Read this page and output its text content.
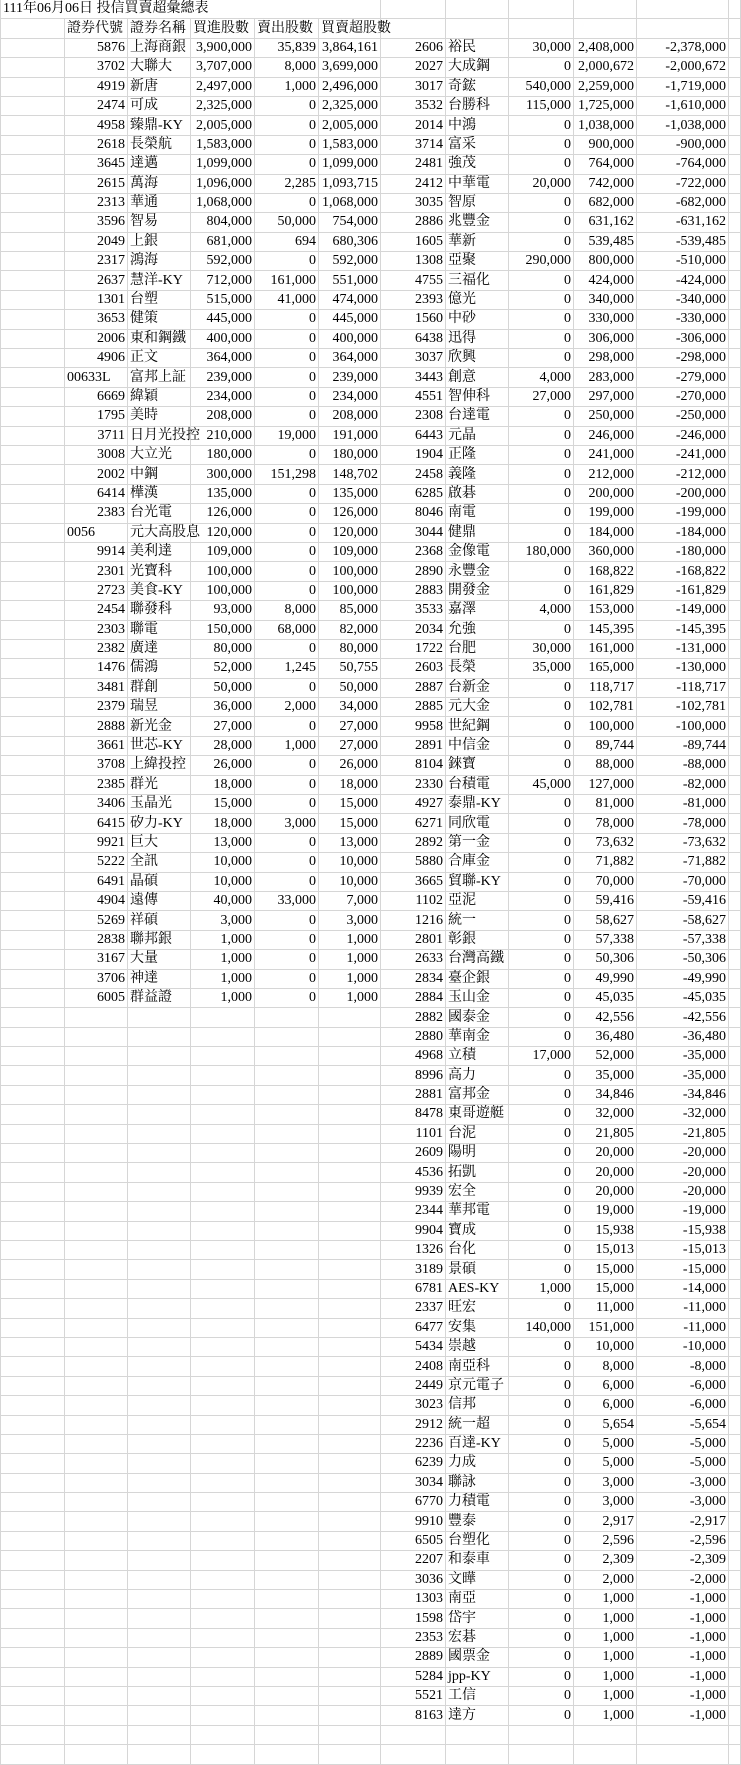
111年06月06日 投信買賣超彙總表											
	證券代號	證券名稱	買進股數	賣出股數	買賣超股數						
	5876	上海商銀	3,900,000	35,839	3,864,161	2606	裕民	30,000	2,408,000	-2,378,000	
	3702	大聯大	3,707,000	8,000	3,699,000	2027	大成鋼	0	2,000,672	-2,000,672	
	4919	新唐	2,497,000	1,000	2,496,000	3017	奇鋐	540,000	2,259,000	-1,719,000	
	2474	可成	2,325,000	0	2,325,000	3532	台勝科	115,000	1,725,000	-1,610,000	
	4958	臻鼎-KY	2,005,000	0	2,005,000	2014	中鴻	0	1,038,000	-1,038,000	
	2618	長榮航	1,583,000	0	1,583,000	3714	富采	0	900,000	-900,000	
	3645	達邁	1,099,000	0	1,099,000	2481	強茂	0	764,000	-764,000	
	2615	萬海	1,096,000	2,285	1,093,715	2412	中華電	20,000	742,000	-722,000	
	2313	華通	1,068,000	0	1,068,000	3035	智原	0	682,000	-682,000	
	3596	智易	804,000	50,000	754,000	2886	兆豐金	0	631,162	-631,162	
	2049	上銀	681,000	694	680,306	1605	華新	0	539,485	-539,485	
	2317	鴻海	592,000	0	592,000	1308	亞聚	290,000	800,000	-510,000	
	2637	慧洋-KY	712,000	161,000	551,000	4755	三福化	0	424,000	-424,000	
	1301	台塑	515,000	41,000	474,000	2393	億光	0	340,000	-340,000	
	3653	健策	445,000	0	445,000	1560	中砂	0	330,000	-330,000	
	2006	東和鋼鐵	400,000	0	400,000	6438	迅得	0	306,000	-306,000	
	4906	正文	364,000	0	364,000	3037	欣興	0	298,000	-298,000	
	00633L	富邦上証	239,000	0	239,000	3443	創意	4,000	283,000	-279,000	
	6669	緯穎	234,000	0	234,000	4551	智伸科	27,000	297,000	-270,000	
	1795	美時	208,000	0	208,000	2308	台達電	0	250,000	-250,000	
	3711	日月光投控	210,000	19,000	191,000	6443	元晶	0	246,000	-246,000	
	3008	大立光	180,000	0	180,000	1904	正隆	0	241,000	-241,000	
	2002	中鋼	300,000	151,298	148,702	2458	義隆	0	212,000	-212,000	
	6414	樺漢	135,000	0	135,000	6285	啟碁	0	200,000	-200,000	
	2383	台光電	126,000	0	126,000	8046	南電	0	199,000	-199,000	
	0056	元大高股息	120,000	0	120,000	3044	健鼎	0	184,000	-184,000	
	9914	美利達	109,000	0	109,000	2368	金像電	180,000	360,000	-180,000	
	2301	光寶科	100,000	0	100,000	2890	永豐金	0	168,822	-168,822	
	2723	美食-KY	100,000	0	100,000	2883	開發金	0	161,829	-161,829	
	2454	聯發科	93,000	8,000	85,000	3533	嘉澤	4,000	153,000	-149,000	
	2303	聯電	150,000	68,000	82,000	2034	允強	0	145,395	-145,395	
	2382	廣達	80,000	0	80,000	1722	台肥	30,000	161,000	-131,000	
	1476	儒鴻	52,000	1,245	50,755	2603	長榮	35,000	165,000	-130,000	
	3481	群創	50,000	0	50,000	2887	台新金	0	118,717	-118,717	
	2379	瑞昱	36,000	2,000	34,000	2885	元大金	0	102,781	-102,781	
	2888	新光金	27,000	0	27,000	9958	世紀鋼	0	100,000	-100,000	
	3661	世芯-KY	28,000	1,000	27,000	2891	中信金	0	89,744	-89,744	
	3708	上緯投控	26,000	0	26,000	8104	錸寶	0	88,000	-88,000	
	2385	群光	18,000	0	18,000	2330	台積電	45,000	127,000	-82,000	
	3406	玉晶光	15,000	0	15,000	4927	泰鼎-KY	0	81,000	-81,000	
	6415	矽力-KY	18,000	3,000	15,000	6271	同欣電	0	78,000	-78,000	
	9921	巨大	13,000	0	13,000	2892	第一金	0	73,632	-73,632	
	5222	全訊	10,000	0	10,000	5880	合庫金	0	71,882	-71,882	
	6491	晶碩	10,000	0	10,000	3665	貿聯-KY	0	70,000	-70,000	
	4904	遠傳	40,000	33,000	7,000	1102	亞泥	0	59,416	-59,416	
	5269	祥碩	3,000	0	3,000	1216	統一	0	58,627	-58,627	
	2838	聯邦銀	1,000	0	1,000	2801	彰銀	0	57,338	-57,338	
	3167	大量	1,000	0	1,000	2633	台灣高鐵	0	50,306	-50,306	
	3706	神達	1,000	0	1,000	2834	臺企銀	0	49,990	-49,990	
	6005	群益證	1,000	0	1,000	2884	玉山金	0	45,035	-45,035	
						2882	國泰金	0	42,556	-42,556	
						2880	華南金	0	36,480	-36,480	
						4968	立積	17,000	52,000	-35,000	
						8996	高力	0	35,000	-35,000	
						2881	富邦金	0	34,846	-34,846	
						8478	東哥遊艇	0	32,000	-32,000	
						1101	台泥	0	21,805	-21,805	
						2609	陽明	0	20,000	-20,000	
						4536	拓凱	0	20,000	-20,000	
						9939	宏全	0	20,000	-20,000	
						2344	華邦電	0	19,000	-19,000	
						9904	寶成	0	15,938	-15,938	
						1326	台化	0	15,013	-15,013	
						3189	景碩	0	15,000	-15,000	
						6781	AES-KY	1,000	15,000	-14,000	
						2337	旺宏	0	11,000	-11,000	
						6477	安集	140,000	151,000	-11,000	
						5434	崇越	0	10,000	-10,000	
						2408	南亞科	0	8,000	-8,000	
						2449	京元電子	0	6,000	-6,000	
						3023	信邦	0	6,000	-6,000	
						2912	統一超	0	5,654	-5,654	
						2236	百達-KY	0	5,000	-5,000	
						6239	力成	0	5,000	-5,000	
						3034	聯詠	0	3,000	-3,000	
						6770	力積電	0	3,000	-3,000	
						9910	豐泰	0	2,917	-2,917	
						6505	台塑化	0	2,596	-2,596	
						2207	和泰車	0	2,309	-2,309	
						3036	文曄	0	2,000	-2,000	
						1303	南亞	0	1,000	-1,000	
						1598	岱宇	0	1,000	-1,000	
						2353	宏碁	0	1,000	-1,000	
						2889	國票金	0	1,000	-1,000	
						5284	jpp-KY	0	1,000	-1,000	
						5521	工信	0	1,000	-1,000	
						8163	達方	0	1,000	-1,000	
